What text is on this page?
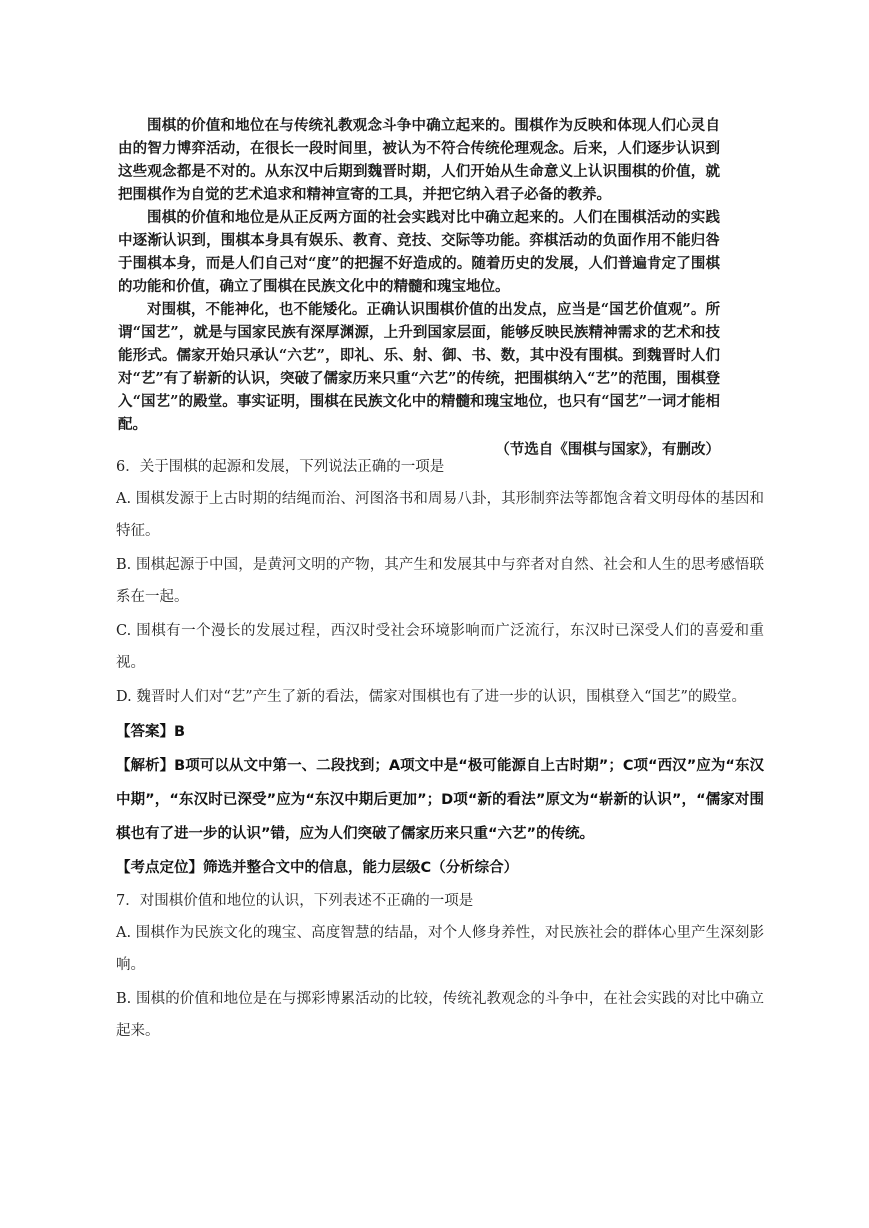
围棋的价值和地位在与传统礼教观念斗争中确立起来的。围棋作为反映和体现人们心灵自由的智力博弈活动，在很长一段时间里，被认为不符合传统伦理观念。后来，人们逐步认识到这些观念都是不对的。从东汉中后期到魏晋时期，人们开始从生命意义上认识围棋的价值，就把围棋作为自觉的艺术追求和精神宣寄的工具，并把它纳入君子必备的教养。

围棋的价值和地位是从正反两方面的社会实践对比中确立起来的。人们在围棋活动的实践中逐渐认识到，围棋本身具有娱乐、教育、竞技、交际等功能。弈棋活动的负面作用不能归咎于围棋本身，而是人们自己对“度”的把握不好造成的。随着历史的发展，人们普遍肯定了围棋的功能和价值，确立了围棋在民族文化中的精髓和瑰宝地位。

对围棋，不能神化，也不能矮化。正确认识围棋价值的出发点，应当是“国艺价值观”。所谓“国艺”，就是与国家民族有深厚渊源，上升到国家层面，能够反映民族精神需求的艺术和技能形式。儒家开始只承认“六艺”，即礼、乐、射、御、书、数，其中没有围棋。到魏晋时人们对“艺”有了崭新的认识，突破了儒家历来只重“六艺”的传统，把围棋纳入“艺”的范围，围棋登入“国艺”的殿堂。事实证明，围棋在民族文化中的精髓和瑰宝地位，也只有“国艺”一词才能相配。

（节选自《围棋与国家》，有删改）

6．关于围棋的起源和发展，下列说法正确的一项是

A. 围棋发源于上古时期的结绳而治、河图洛书和周易八卦，其形制弈法等都饱含着文明母体的基因和特征。

B. 围棋起源于中国，是黄河文明的产物，其产生和发展其中与弈者对自然、社会和人生的思考感悟联系在一起。

C. 围棋有一个漫长的发展过程，西汉时受社会环境影响而广泛流行，东汉时已深受人们的喜爱和重视。

D. 魏晋时人们对“艺”产生了新的看法，儒家对围棋也有了进一步的认识，围棋登入“国艺”的殿堂。

【答案】B

【解析】B项可以从文中第一、二段找到；A项文中是“极可能源自上古时期”；C项“西汉”应为“东汉中期”，“东汉时已深受”应为“东汉中期后更加”；D项“新的看法”原文为“崭新的认识”，“儒家对围棋也有了进一步的认识”错，应为人们突破了儒家历来只重“六艺”的传统。

【考点定位】筛选并整合文中的信息，能力层级C（分析综合）

7．对围棋价值和地位的认识，下列表述不正确的一项是

A. 围棋作为民族文化的瑰宝、高度智慧的结晶，对个人修身养性，对民族社会的群体心里产生深刻影响。

B. 围棋的价值和地位是在与掷彩博累活动的比较，传统礼教观念的斗争中，在社会实践的对比中确立起来。
